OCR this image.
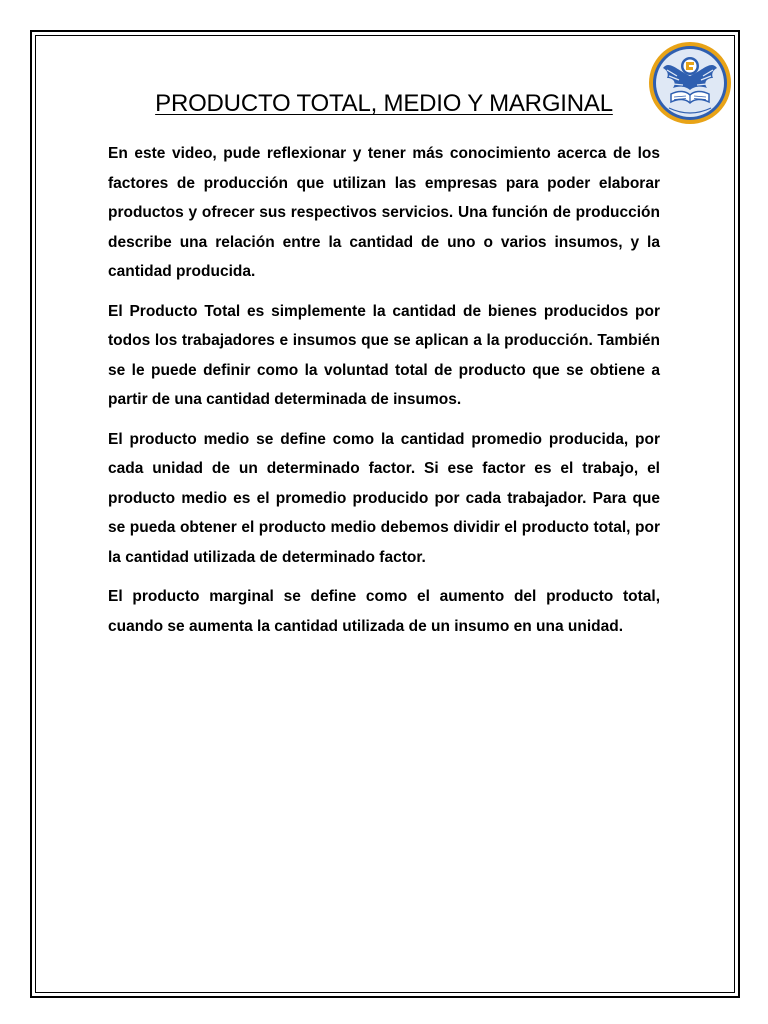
PRODUCTO TOTAL, MEDIO Y MARGINAL

En este video, pude reflexionar y tener más conocimiento acerca de los factores de producción que utilizan las empresas para poder elaborar productos y ofrecer sus respectivos servicios. Una función de producción describe una relación entre la cantidad de uno o varios insumos, y la cantidad producida.

El Producto Total es simplemente la cantidad de bienes producidos por todos los trabajadores e insumos que se aplican a la producción. También se le puede definir como la voluntad total de producto que se obtiene a partir de una cantidad determinada de insumos.

El producto medio se define como la cantidad promedio producida, por cada unidad de un determinado factor. Si ese factor es el trabajo, el producto medio es el promedio producido por cada trabajador. Para que se pueda obtener el producto medio debemos dividir el producto total, por la cantidad utilizada de determinado factor.

El producto marginal se define como el aumento del producto total, cuando se aumenta la cantidad utilizada de un insumo en una unidad.
